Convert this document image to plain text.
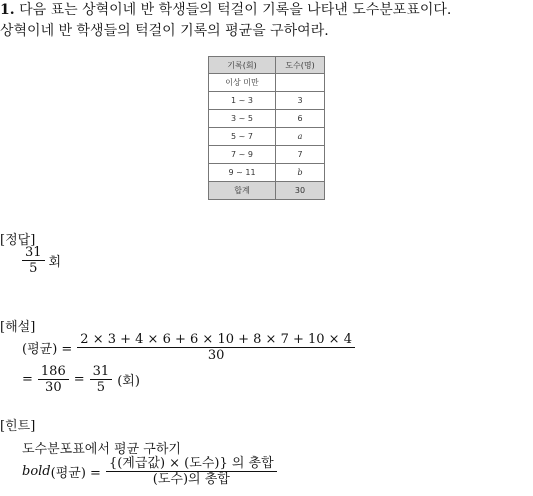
1. 다음 표는 상혁이네 반 학생들의 턱걸이 기록을 나타낸 도수분포표이다.
상혁이네 반 학생들의 턱걸이 기록의 평균을 구하여라.
기록(회)	도수(명)
이상 미만	
1 ~ 3	3
3 ~ 5	6
5 ~ 7	a
7 ~ 9	7
9 ~ 11	b
합계	30
[정답]
$\frac{31}{5}$ 회
[해설]
(평균) = $\frac{2 \times 3 + 4 \times 6 + 6 \times 10 + 8 \times 7 + 10 \times 4}{30}$
= $\frac{186}{30} = \frac{31}{5}$ (회)
[힌트]
도수분포표에서 평균 구하기
bold (평균) = $\frac{\text{\{(계급값) × (도수)\} 의 총합}}{\text{(도수)의 총합}}$
